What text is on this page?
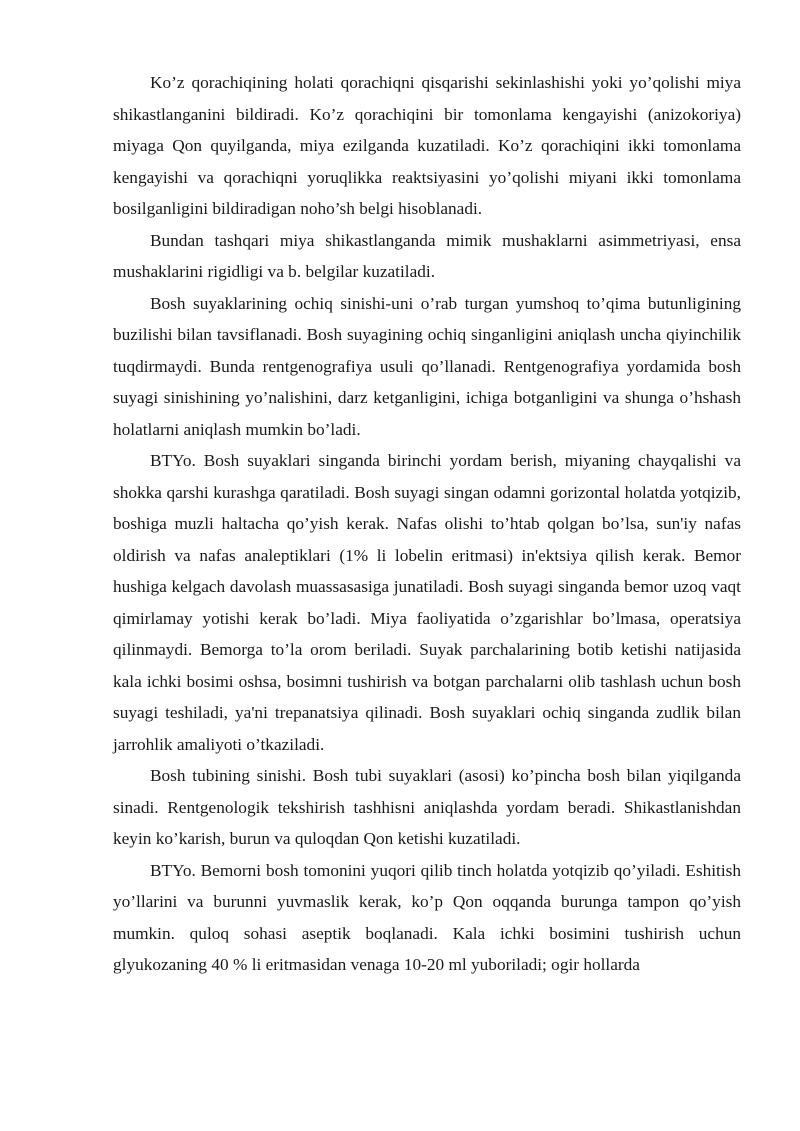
Ko’z qorachiqining holati qorachiqni qisqarishi sekinlashishi yoki yo’qolishi miya shikastlanganini bildiradi. Ko’z qorachiqini bir tomonlama kengayishi (anizokoriya) miyaga Qon quyilganda, miya ezilganda kuzatiladi. Ko’z qorachiqini ikki tomonlama kengayishi va qorachiqni yoruqlikka reaktsiyasini yo’qolishi miyani ikki tomonlama bosilganligini bildiradigan noho’sh belgi hisoblanadi.

Bundan tashqari miya shikastlanganda mimik mushaklarni asimmetriyasi, ensa mushaklarini rigidligi va b. belgilar kuzatiladi.

Bosh suyaklarining ochiq sinishi-uni o’rab turgan yumshoq to’qima butunligining buzilishi bilan tavsiflanadi. Bosh suyagining ochiq singanligini aniqlash uncha qiyinchilik tuqdirmaydi. Bunda rentgenografiya usuli qo’llanadi. Rentgenografiya yordamida bosh suyagi sinishining yo’nalishini, darz ketganligini, ichiga botganligini va shunga o’hshash holatlarni aniqlash mumkin bo’ladi.

BTYo. Bosh suyaklari singanda birinchi yordam berish, miyaning chayqalishi va shokka qarshi kurashga qaratiladi. Bosh suyagi singan odamni gorizontal holatda yotqizib, boshiga muzli haltacha qo’yish kerak. Nafas olishi to’htab qolgan bo’lsa, sun'iy nafas oldirish va nafas analeptiklari (1% li lobelin eritmasi) in'ektsiya qilish kerak. Bemor hushiga kelgach davolash muassasasiga junatiladi. Bosh suyagi singanda bemor uzoq vaqt qimirlamay yotishi kerak bo’ladi. Miya faoliyatida o’zgarishlar bo’lmasa, operatsiya qilinmaydi. Bemorga to’la orom beriladi. Suyak parchalarining botib ketishi natijasida kala ichki bosimi oshsa, bosimni tushirish va botgan parchalarni olib tashlash uchun bosh suyagi teshiladi, ya'ni trepanatsiya qilinadi. Bosh suyaklari ochiq singanda zudlik bilan jarrohlik amaliyoti o’tkaziladi.

Bosh tubining sinishi. Bosh tubi suyaklari (asosi) ko’pincha bosh bilan yiqilganda sinadi. Rentgenologik tekshirish tashhisni aniqlashda yordam beradi. Shikastlanishdan keyin ko’karish, burun va quloqdan Qon ketishi kuzatiladi.

BTYo. Bemorni bosh tomonini yuqori qilib tinch holatda yotqizib qo’yiladi. Eshitish yo’llarini va burunni yuvmaslik kerak, ko’p Qon oqqanda burunga tampon qo’yish mumkin. quloq sohasi aseptik boqlanadi. Kala ichki bosimini tushirish uchun glyukozaning 40 % li eritmasidan venaga 10-20 ml yuboriladi; ogir hollarda
